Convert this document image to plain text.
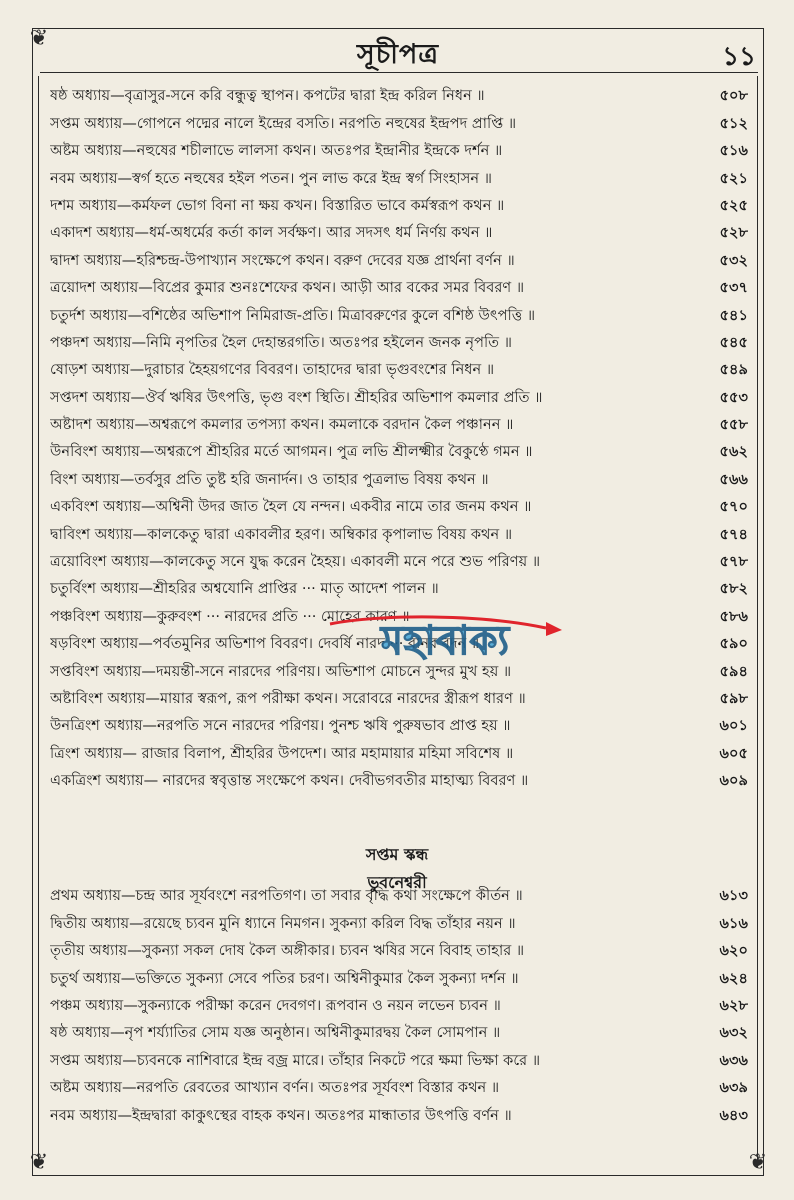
❦
❦	❦
সূচীপত্র	১১
ষষ্ঠ অধ্যায়—বৃত্রাসুর-সনে করি বন্ধুত্ব স্থাপন। কপটের দ্বারা ইন্দ্র করিল নিধন ॥	৫০৮
সপ্তম অধ্যায়—গোপনে পদ্মের নালে ইন্দ্রের বসতি। নরপতি নহুষের ইন্দ্রপদ প্রাপ্তি ॥	৫১২
অষ্টম অধ্যায়—নহুষের শচীলাভে লালসা কথন। অতঃপর ইন্দ্রানীর ইন্দ্রকে দর্শন ॥	৫১৬
নবম অধ্যায়—স্বর্গ হতে নহুষের হইল পতন। পুন লাভ করে ইন্দ্র স্বর্গ সিংহাসন ॥	৫২১
দশম অধ্যায়—কর্মফল ভোগ বিনা না ক্ষয় কখন। বিস্তারিত ভাবে কর্মস্বরূপ কথন ॥	৫২৫
একাদশ অধ্যায়—ধর্ম-অধর্মের কর্তা কাল সর্বক্ষণ। আর সদসৎ ধর্ম নির্ণয় কথন ॥	৫২৮
দ্বাদশ অধ্যায়—হরিশ্চন্দ্র-উপাখ্যান সংক্ষেপে কথন। বরুণ দেবের যজ্ঞ প্রার্থনা বর্ণন ॥	৫৩২
ত্রয়োদশ অধ্যায়—বিপ্রের কুমার শুনঃশেফের কথন। আড়ী আর বকের সমর বিবরণ ॥	৫৩৭
চতুর্দশ অধ্যায়—বশিষ্ঠের অভিশাপ নিমিরাজ-প্রতি। মিত্রাবরুণের কুলে বশিষ্ঠ উৎপত্তি ॥	৫৪১
পঞ্চদশ অধ্যায়—নিমি নৃপতির হৈল দেহান্তরগতি। অতঃপর হইলেন জনক নৃপতি ॥	৫৪৫
ষোড়শ অধ্যায়—দুরাচার হৈহয়গণের বিবরণ। তাহাদের দ্বারা ভৃগুবংশের নিধন ॥	৫৪৯
সপ্তদশ অধ্যায়—ঔর্ব ঋষির উৎপত্তি, ভৃগু বংশ স্থিতি। শ্রীহরির অভিশাপ কমলার প্রতি ॥	৫৫৩
অষ্টাদশ অধ্যায়—অশ্বরূপে কমলার তপস্যা কথন। কমলাকে বরদান কৈল পঞ্চানন ॥	৫৫৮
উনবিংশ অধ্যায়—অশ্বরূপে শ্রীহরির মর্তে আগমন। পুত্র লভি শ্রীলক্ষ্মীর বৈকুণ্ঠে গমন ॥	৫৬২
বিংশ অধ্যায়—তর্বসুর প্রতি তুষ্ট হরি জনার্দন। ও তাহার পুত্রলাভ বিষয় কথন ॥	৫৬৬
একবিংশ অধ্যায়—অশ্বিনী উদর জাত হৈল যে নন্দন। একবীর নামে তার জনম কথন ॥	৫৭০
দ্বাবিংশ অধ্যায়—কালকেতু দ্বারা একাবলীর হরণ। অম্বিকার কৃপালাভ বিষয় কথন ॥	৫৭৪
ত্রয়োবিংশ অধ্যায়—কালকেতু সনে যুদ্ধ করেন হৈহয়। একাবলী মনে পরে শুভ পরিণয় ॥	৫৭৮
চতুর্বিংশ অধ্যায়—শ্রীহরির অশ্বযোনি প্রাপ্তির ··· মাতৃ আদেশ পালন ॥	৫৮২
পঞ্চবিংশ অধ্যায়—কুরুবংশ ··· নারদের প্রতি ··· মোহের কারণ ॥	৫৮৬
ষড়বিংশ অধ্যায়—পর্বতমুনির অভিশাপ বিবরণ। দেবর্ষি নারদ ··· বানর বদন ॥	৫৯০
সপ্তবিংশ অধ্যায়—দময়ন্তী-সনে নারদের পরিণয়। অভিশাপ মোচনে সুন্দর মুখ হয় ॥	৫৯৪
অষ্টাবিংশ অধ্যায়—মায়ার স্বরূপ, রূপ পরীক্ষা কথন। সরোবরে নারদের স্ত্রীরূপ ধারণ ॥	৫৯৮
উনত্রিংশ অধ্যায়—নরপতি সনে নারদের পরিণয়। পুনশ্চ ঋষি পুরুষভাব প্রাপ্ত হয় ॥	৬০১
ত্রিংশ অধ্যায়— রাজার বিলাপ, শ্রীহরির উপদেশ। আর মহামায়ার মহিমা সবিশেষ ॥	৬০৫
একত্রিংশ অধ্যায়— নারদের স্ববৃত্তান্ত সংক্ষেপে কথন। দেবীভগবতীর মাহাত্ম্য বিবরণ ॥	৬০৯
সপ্তম স্কন্ধ
ভুবনেশ্বরী
প্রথম অধ্যায়—চন্দ্র আর সূর্যবংশে নরপতিগণ। তা সবার বৃদ্ধি কথা সংক্ষেপে কীর্তন ॥	৬১৩
দ্বিতীয় অধ্যায়—রয়েছে চ্যবন মুনি ধ্যানে নিমগন। সুকন্যা করিল বিদ্ধ তাঁহার নয়ন ॥	৬১৬
তৃতীয় অধ্যায়—সুকন্যা সকল দোষ কৈল অঙ্গীকার। চ্যবন ঋষির সনে বিবাহ তাহার ॥	৬২০
চতুর্থ অধ্যায়—ভক্তিতে সুকন্যা সেবে পতির চরণ। অশ্বিনীকুমার কৈল সুকন্যা দর্শন ॥	৬২৪
পঞ্চম অধ্যায়—সুকন্যাকে পরীক্ষা করেন দেবগণ। রূপবান ও নয়ন লভেন চ্যবন ॥	৬২৮
ষষ্ঠ অধ্যায়—নৃপ শর্য্যাতির সোম যজ্ঞ অনুষ্ঠান। অশ্বিনীকুমারদ্বয় কৈল সোমপান ॥	৬৩২
সপ্তম অধ্যায়—চ্যবনকে নাশিবারে ইন্দ্র বজ্র মারে। তাঁহার নিকটে পরে ক্ষমা ভিক্ষা করে ॥	৬৩৬
অষ্টম অধ্যায়—নরপতি রেবতের আখ্যান বর্ণন। অতঃপর সূর্যবংশ বিস্তার কথন ॥	৬৩৯
নবম অধ্যায়—ইন্দ্রদ্বারা কাকুৎস্থের বাহক কথন। অতঃপর মান্ধাতার উৎপত্তি বর্ণন ॥	৬৪৩
মহাবাক্য
